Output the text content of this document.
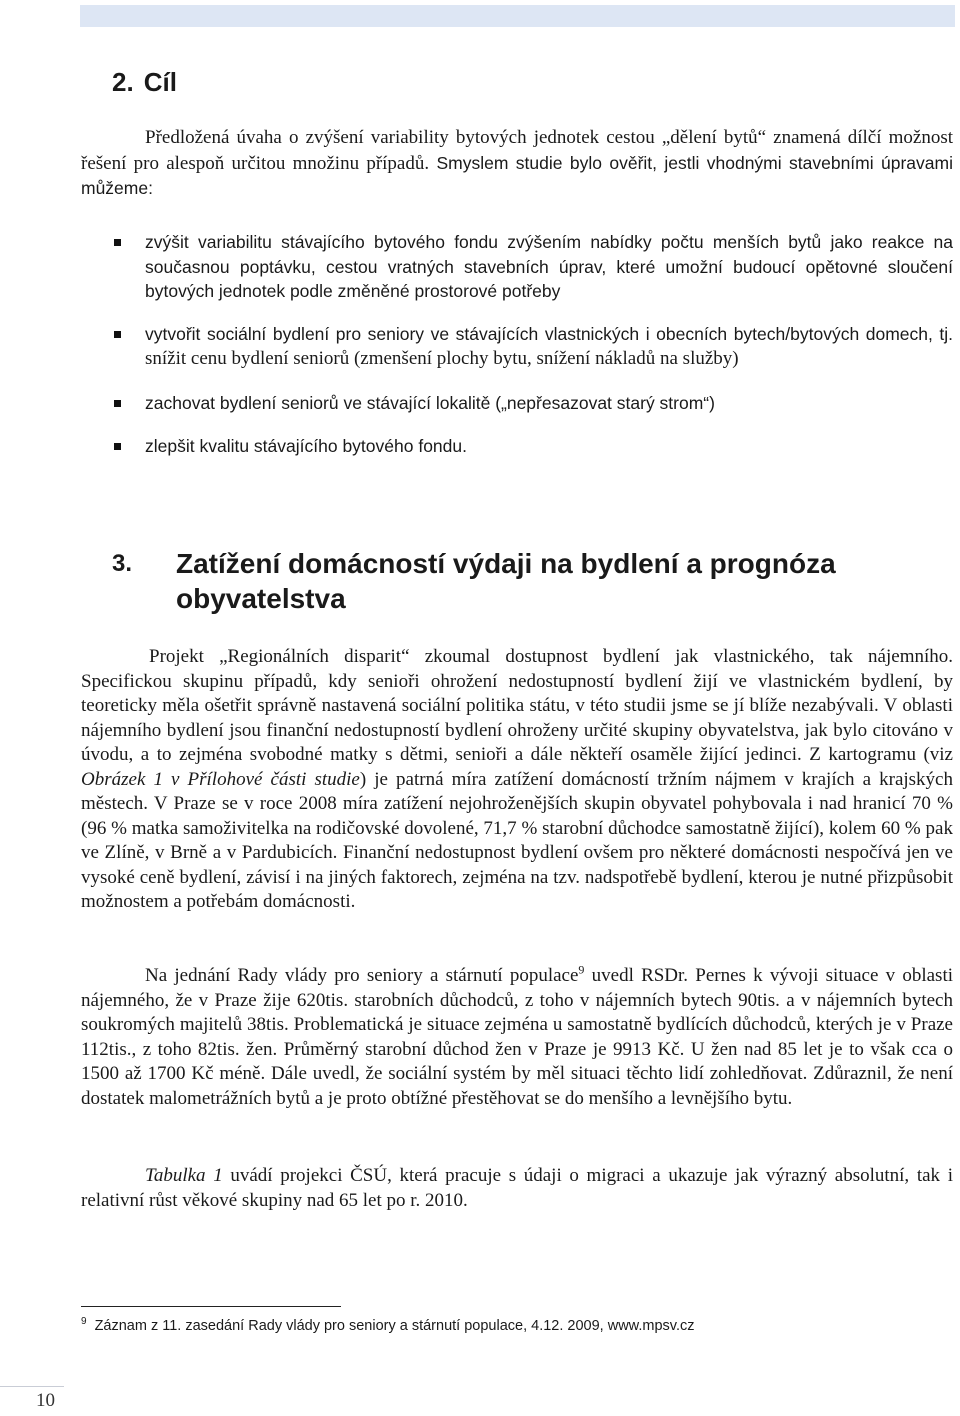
2. Cíl

Předložená úvaha o zvýšení variability bytových jednotek cestou „dělení bytů“ znamená dílčí možnost řešení pro alespoň určitou množinu případů. Smyslem studie bylo ověřit, jestli vhodnými stavebními úpravami můžeme:

zvýšit variabilitu stávajícího bytového fondu zvýšením nabídky počtu menších bytů jako reakce na současnou poptávku, cestou vratných stavebních úprav, které umožní budoucí opětovné sloučení bytových jednotek podle změněné prostorové potřeby
vytvořit sociální bydlení pro seniory ve stávajících vlastnických i obecních bytech/bytových domech, tj. snížit cenu bydlení seniorů (zmenšení plochy bytu, snížení nákladů na služby)
zachovat bydlení seniorů ve stávající lokalitě („nepřesazovat starý strom“)
zlepšit kvalitu stávajícího bytového fondu.
3. Zatížení domácností výdaji na bydlení a prognóza obyvatelstva

Projekt „Regionálních disparit“ zkoumal dostupnost bydlení jak vlastnického, tak nájemního. Specifickou skupinu případů, kdy senioři ohrožení nedostupností bydlení žijí ve vlastnickém bydlení, by teoreticky měla ošetřit správně nastavená sociální politika státu, v této studii jsme se jí blíže nezabývali. V oblasti nájemního bydlení jsou finanční nedostupností bydlení ohroženy určité skupiny obyvatelstva, jak bylo citováno v úvodu, a to zejména svobodné matky s dětmi, senioři a dále někteří osaměle žijící jedinci. Z kartogramu (viz Obrázek 1 v Přílohové části studie) je patrná míra zatížení domácností tržním nájmem v krajích a krajských městech. V Praze se v roce 2008 míra zatížení nejohroženějších skupin obyvatel pohybovala i nad hranicí 70 % (96 % matka samoživitelka na rodičovské dovolené, 71,7 % starobní důchodce samostatně žijící), kolem 60 % pak ve Zlíně, v Brně a v Pardubicích. Finanční nedostupnost bydlení ovšem pro některé domácnosti nespočívá jen ve vysoké ceně bydlení, závisí i na jiných faktorech, zejména na tzv. nadspotřebě bydlení, kterou je nutné přizpůsobit možnostem a potřebám domácnosti.

Na jednání Rady vlády pro seniory a stárnutí populace$^9$ uvedl RSDr. Pernes k vývoji situace v oblasti nájemného, že v Praze žije 620tis. starobních důchodců, z toho v nájemních bytech 90tis. a v nájemních bytech soukromých majitelů 38tis. Problematická je situace zejména u samostatně bydlících důchodců, kterých je v Praze 112tis., z toho 82tis. žen. Průměrný starobní důchod žen v Praze je 9913 Kč. U žen nad 85 let je to však cca o 1500 až 1700 Kč méně. Dále uvedl, že sociální systém by měl situaci těchto lidí zohledňovat. Zdůraznil, že není dostatek malometrážních bytů a je proto obtížné přestěhovat se do menšího a levnějšího bytu.

Tabulka 1 uvádí projekci ČSÚ, která pracuje s údaji o migraci a ukazuje jak výrazný absolutní, tak i relativní růst věkové skupiny nad 65 let po r. 2010.

$^9$ Záznam z 11. zasedání Rady vlády pro seniory a stárnutí populace, 4.12. 2009, www.mpsv.cz

10
